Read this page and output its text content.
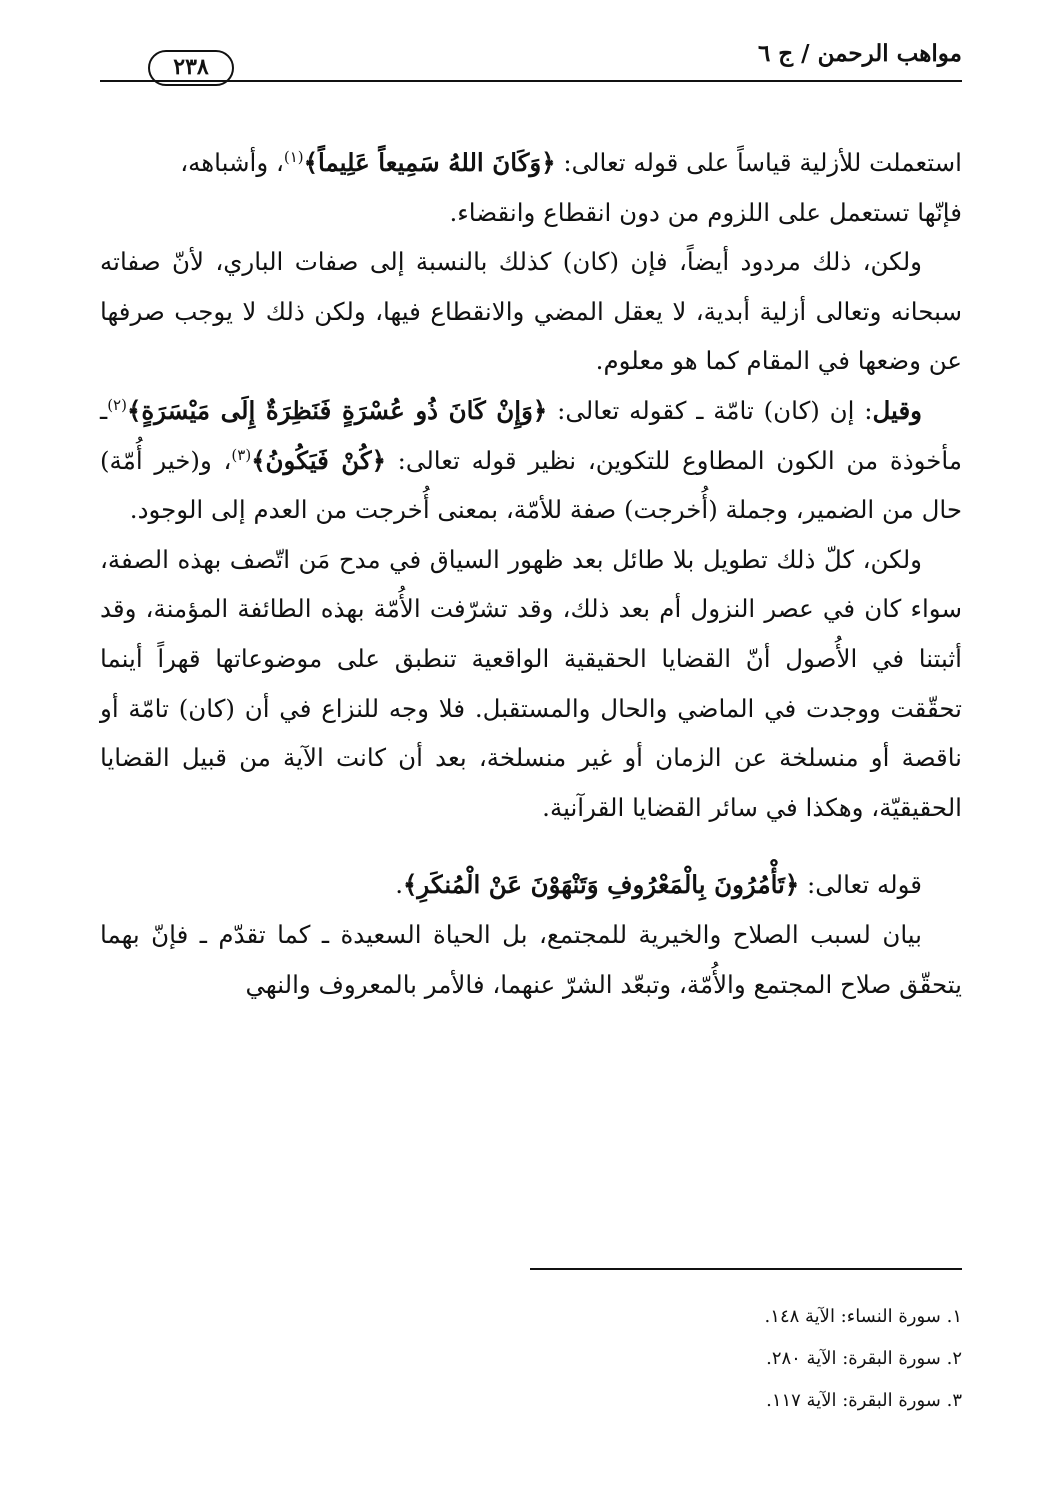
مواهب الرحمن / ج ٦
٢٣٨

استعملت للأزلية قياساً على قوله تعالى: ﴿وَكَانَ اللهُ سَمِيعاً عَلِيماً﴾$^{(١)}$، وأشباهه،
فإنّها تستعمل على اللزوم من دون انقطاع وانقضاء.

ولكن، ذلك مردود أيضاً، فإن (كان) كذلك بالنسبة إلى صفات الباري، لأنّ صفاته سبحانه وتعالى أزلية أبدية، لا يعقل المضي والانقطاع فيها، ولكن ذلك لا يوجب صرفها عن وضعها في المقام كما هو معلوم.

وقيل: إن (كان) تامّة ـ كقوله تعالى: ﴿وَإِنْ كَانَ ذُو عُسْرَةٍ فَنَظِرَةٌ إِلَى مَيْسَرَةٍ﴾$^{(٢)}$ـ مأخوذة من الكون المطاوع للتكوين، نظير قوله تعالى: ﴿كُنْ فَيَكُونُ﴾$^{(٣)}$، و(خير أُمّة) حال من الضمير، وجملة (أُخرجت) صفة للأمّة، بمعنى أُخرجت من العدم إلى الوجود.

ولكن، كلّ ذلك تطويل بلا طائل بعد ظهور السياق في مدح مَن اتّصف بهذه الصفة، سواء كان في عصر النزول أم بعد ذلك، وقد تشرّفت الأُمّة بهذه الطائفة المؤمنة، وقد أثبتنا في الأُصول أنّ القضايا الحقيقية الواقعية تنطبق على موضوعاتها قهراً أينما تحقّقت ووجدت في الماضي والحال والمستقبل. فلا وجه للنزاع في أن (كان) تامّة أو ناقصة أو منسلخة عن الزمان أو غير منسلخة، بعد أن كانت الآية من قبيل القضايا الحقيقيّة، وهكذا في سائر القضايا القرآنية.

قوله تعالى: ﴿تَأْمُرُونَ بِالْمَعْرُوفِ وَتَنْهَوْنَ عَنْ الْمُنكَرِ﴾.

بيان لسبب الصلاح والخيرية للمجتمع، بل الحياة السعيدة ـ كما تقدّم ـ فإنّ بهما يتحقّق صلاح المجتمع والأُمّة، وتبعّد الشرّ عنهما، فالأمر بالمعروف والنهي

١. سورة النساء: الآية ١٤٨.

٢. سورة البقرة: الآية ٢٨٠.

٣. سورة البقرة: الآية ١١٧.
